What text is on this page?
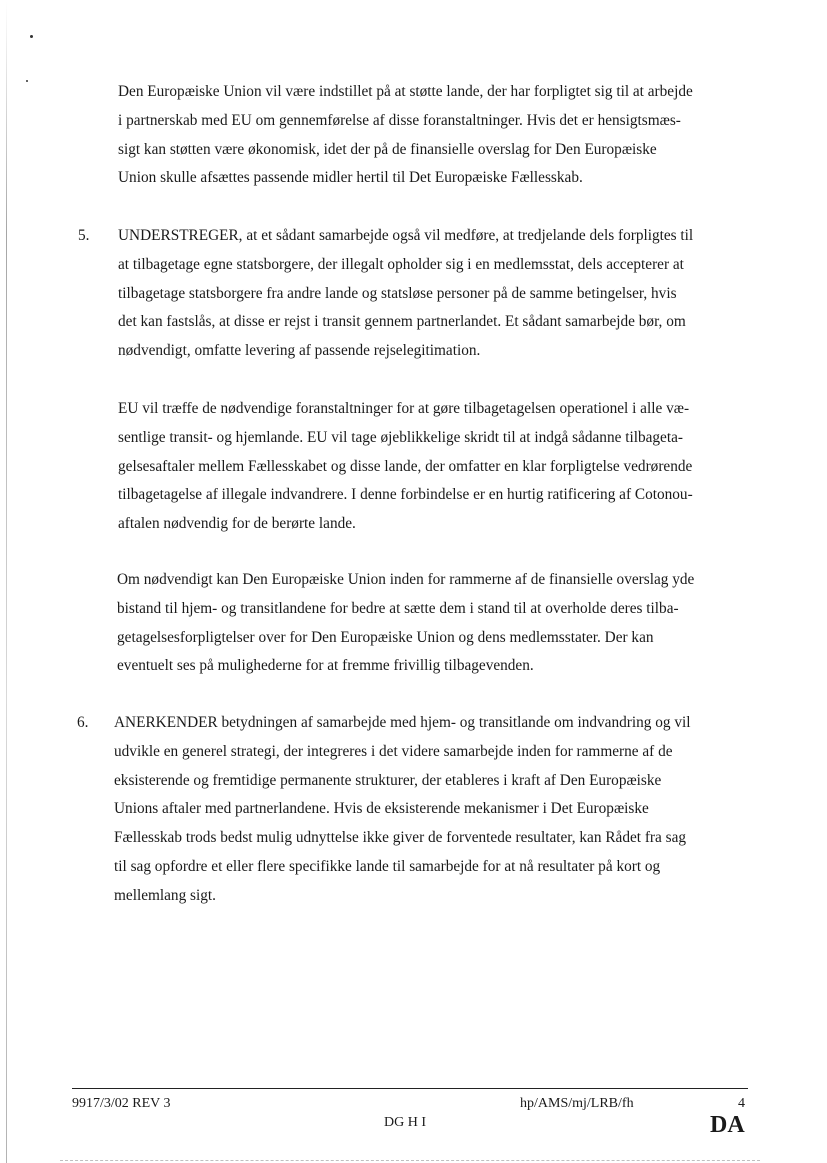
Den Europæiske Union vil være indstillet på at støtte lande, der har forpligtet sig til at arbejde
i partnerskab med EU om gennemførelse af disse foranstaltninger. Hvis det er hensigtsmæs-
sigt kan støtten være økonomisk, idet der på de finansielle overslag for Den Europæiske
Union skulle afsættes passende midler hertil til Det Europæiske Fællesskab.
5. UNDERSTREGER, at et sådant samarbejde også vil medføre, at tredjelande dels forpligtes til
at tilbagetage egne statsborgere, der illegalt opholder sig i en medlemsstat, dels accepterer at
tilbagetage statsborgere fra andre lande og statsløse personer på de samme betingelser, hvis
det kan fastslås, at disse er rejst i transit gennem partnerlandet. Et sådant samarbejde bør, om
nødvendigt, omfatte levering af passende rejselegitimation.
EU vil træffe de nødvendige foranstaltninger for at gøre tilbagetagelsen operationel i alle væ-
sentlige transit- og hjemlande. EU vil tage øjeblikkelige skridt til at indgå sådanne tilbageta-
gelsesaftaler mellem Fællesskabet og disse lande, der omfatter en klar forpligtelse vedrørende
tilbagetagelse af illegale indvandrere. I denne forbindelse er en hurtig ratificering af Cotonou-
aftalen nødvendig for de berørte lande.
Om nødvendigt kan Den Europæiske Union inden for rammerne af de finansielle overslag yde
bistand til hjem- og transitlandene for bedre at sætte dem i stand til at overholde deres tilba-
getagelsesforpligtelser over for Den Europæiske Union og dens medlemsstater. Der kan
eventuelt ses på mulighederne for at fremme frivillig tilbagevenden.
6. ANERKENDER betydningen af samarbejde med hjem- og transitlande om indvandring og vil
udvikle en generel strategi, der integreres i det videre samarbejde inden for rammerne af de
eksisterende og fremtidige permanente strukturer, der etableres i kraft af Den Europæiske
Unions aftaler med partnerlandene. Hvis de eksisterende mekanismer i Det Europæiske
Fællesskab trods bedst mulig udnyttelse ikke giver de forventede resultater, kan Rådet fra sag
til sag opfordre et eller flere specifikke lande til samarbejde for at nå resultater på kort og
mellemlang sigt.

9917/3/02 REV 3	hp/AMS/mj/LRB/fh	4

DG H I	DA
